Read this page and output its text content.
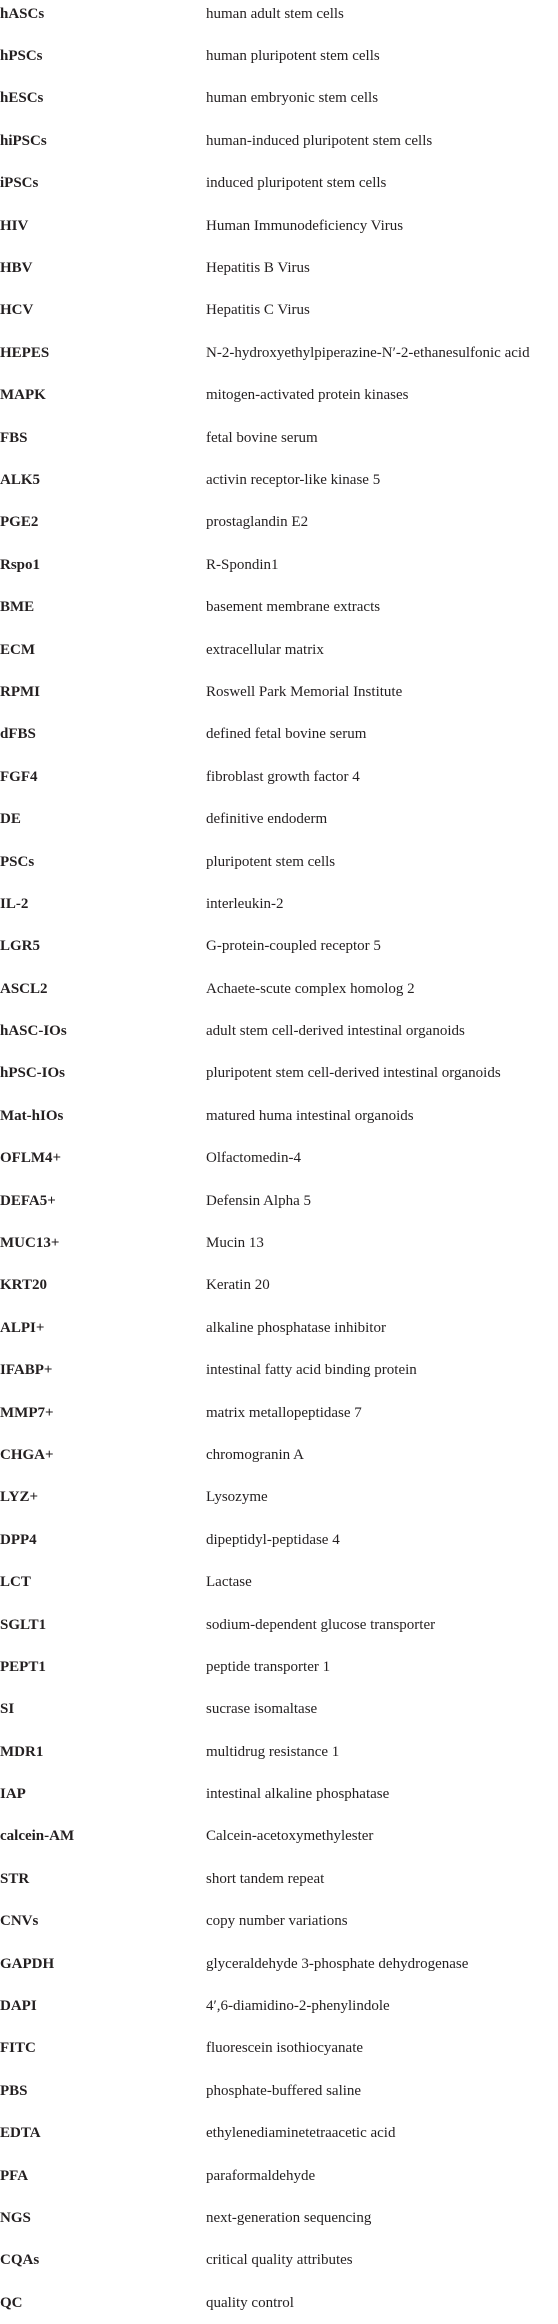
hASCs	human adult stem cells
hPSCs	human pluripotent stem cells
hESCs	human embryonic stem cells
hiPSCs	human-induced pluripotent stem cells
iPSCs	induced pluripotent stem cells
HIV	Human Immunodeficiency Virus
HBV	Hepatitis B Virus
HCV	Hepatitis C Virus
HEPES	N-2-hydroxyethylpiperazine-N′-2-ethanesulfonic acid
MAPK	mitogen-activated protein kinases
FBS	fetal bovine serum
ALK5	activin receptor-like kinase 5
PGE2	prostaglandin E2
Rspo1	R-Spondin1
BME	basement membrane extracts
ECM	extracellular matrix
RPMI	Roswell Park Memorial Institute
dFBS	defined fetal bovine serum
FGF4	fibroblast growth factor 4
DE	definitive endoderm
PSCs	pluripotent stem cells
IL-2	interleukin-2
LGR5	G-protein-coupled receptor 5
ASCL2	Achaete-scute complex homolog 2
hASC-IOs	adult stem cell-derived intestinal organoids
hPSC-IOs	pluripotent stem cell-derived intestinal organoids
Mat-hIOs	matured huma intestinal organoids
OFLM4+	Olfactomedin-4
DEFA5+	Defensin Alpha 5
MUC13+	Mucin 13
KRT20	Keratin 20
ALPI+	alkaline phosphatase inhibitor
IFABP+	intestinal fatty acid binding protein
MMP7+	matrix metallopeptidase 7
CHGA+	chromogranin A
LYZ+	Lysozyme
DPP4	dipeptidyl-peptidase 4
LCT	Lactase
SGLT1	sodium-dependent glucose transporter
PEPT1	peptide transporter 1
SI	sucrase isomaltase
MDR1	multidrug resistance 1
IAP	intestinal alkaline phosphatase
calcein-AM	Calcein-acetoxymethylester
STR	short tandem repeat
CNVs	copy number variations
GAPDH	glyceraldehyde 3-phosphate dehydrogenase
DAPI	4′,6-diamidino-2-phenylindole
FITC	fluorescein isothiocyanate
PBS	phosphate-buffered saline
EDTA	ethylenediaminetetraacetic acid
PFA	paraformaldehyde
NGS	next-generation sequencing
CQAs	critical quality attributes
QC	quality control
